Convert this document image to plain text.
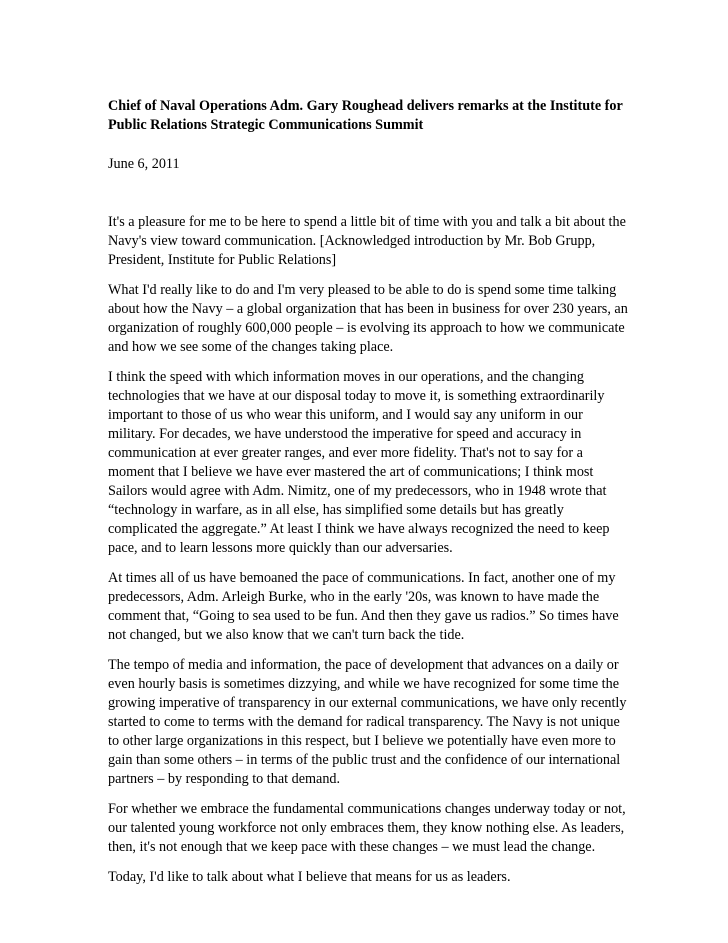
Chief of Naval Operations Adm. Gary Roughead delivers remarks at the Institute for Public Relations Strategic Communications Summit

June 6, 2011

It's a pleasure for me to be here to spend a little bit of time with you and talk a bit about the Navy's view toward communication. [Acknowledged introduction by Mr. Bob Grupp, President, Institute for Public Relations]

What I'd really like to do and I'm very pleased to be able to do is spend some time talking about how the Navy – a global organization that has been in business for over 230 years, an organization of roughly 600,000 people – is evolving its approach to how we communicate and how we see some of the changes taking place.

I think the speed with which information moves in our operations, and the changing technologies that we have at our disposal today to move it, is something extraordinarily important to those of us who wear this uniform, and I would say any uniform in our military. For decades, we have understood the imperative for speed and accuracy in communication at ever greater ranges, and ever more fidelity. That's not to say for a moment that I believe we have ever mastered the art of communications; I think most Sailors would agree with Adm. Nimitz, one of my predecessors, who in 1948 wrote that “technology in warfare, as in all else, has simplified some details but has greatly complicated the aggregate.” At least I think we have always recognized the need to keep pace, and to learn lessons more quickly than our adversaries.

At times all of us have bemoaned the pace of communications. In fact, another one of my predecessors, Adm. Arleigh Burke, who in the early '20s, was known to have made the comment that, “Going to sea used to be fun. And then they gave us radios.” So times have not changed, but we also know that we can't turn back the tide.

The tempo of media and information, the pace of development that advances on a daily or even hourly basis is sometimes dizzying, and while we have recognized for some time the growing imperative of transparency in our external communications, we have only recently started to come to terms with the demand for radical transparency. The Navy is not unique to other large organizations in this respect, but I believe we potentially have even more to gain than some others – in terms of the public trust and the confidence of our international partners – by responding to that demand.

For whether we embrace the fundamental communications changes underway today or not, our talented young workforce not only embraces them, they know nothing else. As leaders, then, it's not enough that we keep pace with these changes – we must lead the change.

Today, I'd like to talk about what I believe that means for us as leaders.
